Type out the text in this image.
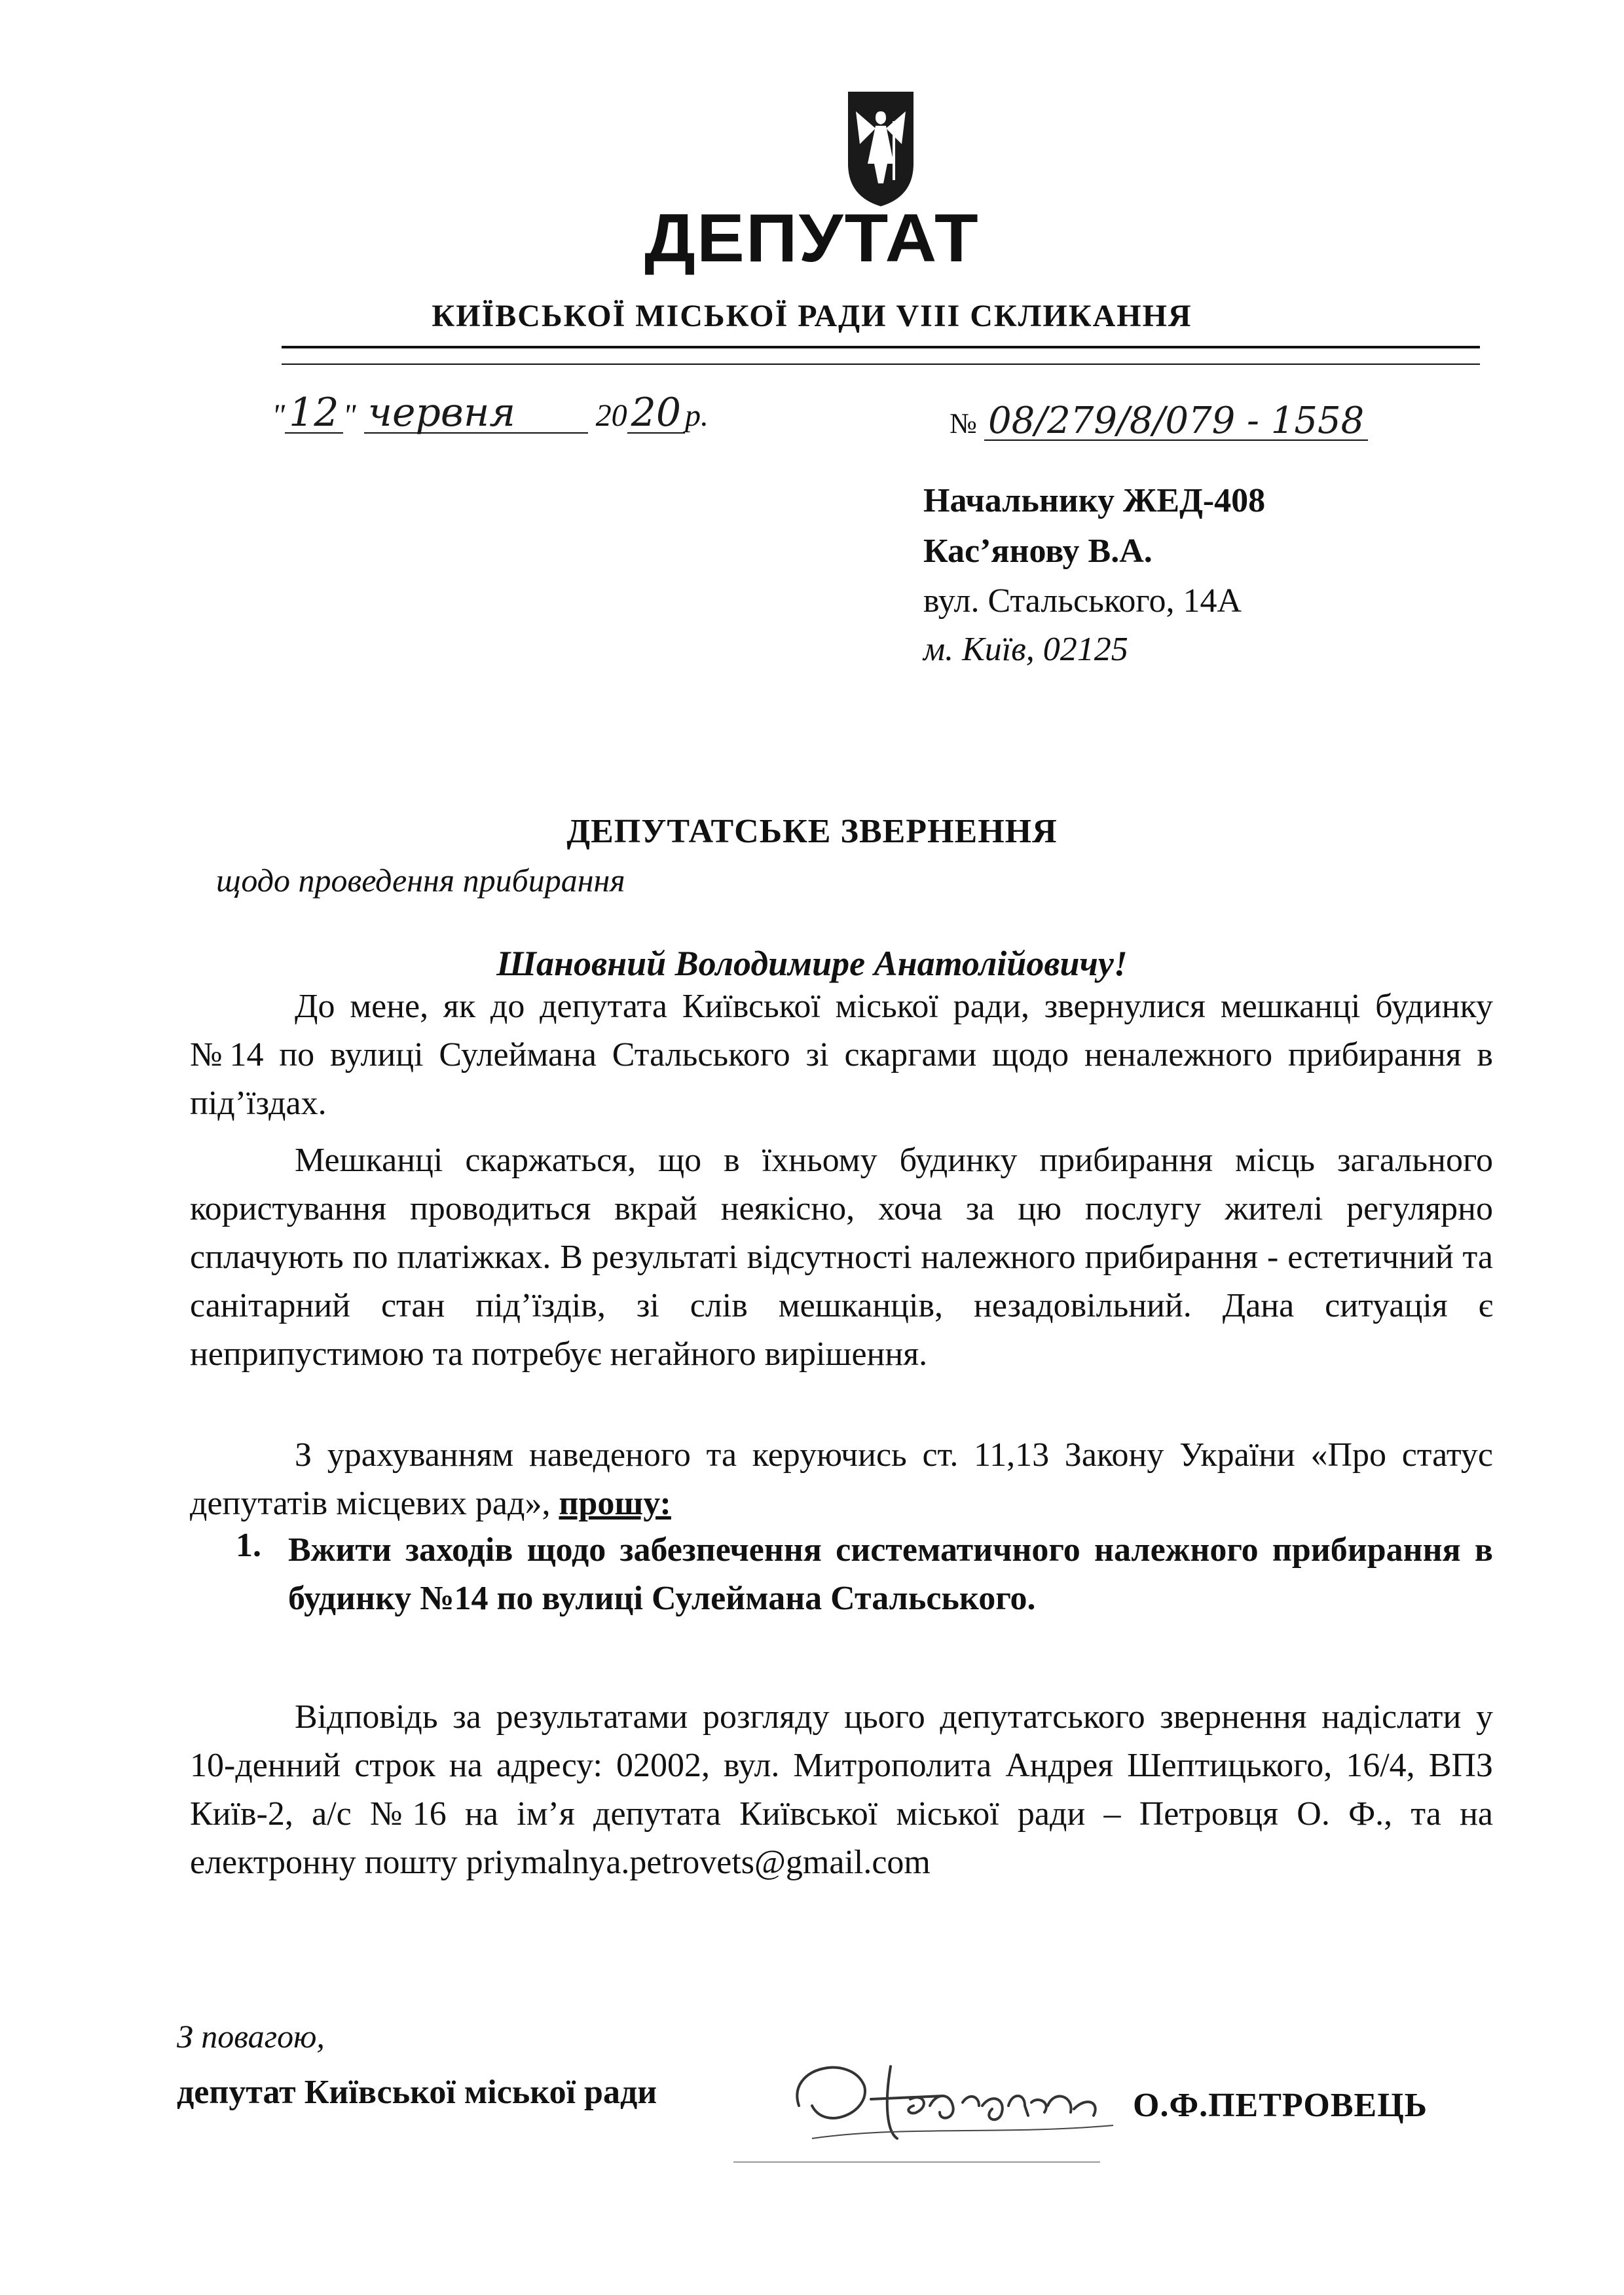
ДЕПУТАТ
КИЇВСЬКОЇ МІСЬКОЇ РАДИ VIII СКЛИКАННЯ
" 12 " червня	20 20 р.	№ 08/279/8/079 - 1558
Начальнику ЖЕД-408
Кас’янову В.А.
вул. Стальського, 14А
м. Київ, 02125
ДЕПУТАТСЬКЕ ЗВЕРНЕННЯ
щодо проведення прибирання
Шановний Володимире Анатолійовичу!
До мене, як до депутата Київської міської ради, звернулися мешканці будинку №14 по вулиці Сулеймана Стальського зі скаргами щодо неналежного прибирання в під’їздах.
Мешканці скаржаться, що в їхньому будинку прибирання місць загального користування проводиться вкрай неякісно, хоча за цю послугу жителі регулярно сплачують по платіжках. В результаті відсутності належного прибирання - естетичний та санітарний стан під’їздів, зі слів мешканців, незадовільний. Дана ситуація є неприпустимою та потребує негайного вирішення.
З урахуванням наведеного та керуючись ст. 11,13 Закону України «Про статус депутатів місцевих рад», прошу:
1. Вжити заходів щодо забезпечення систематичного належного прибирання в будинку №14 по вулиці Сулеймана Стальського.
Відповідь за результатами розгляду цього депутатського звернення надіслати у 10-денний строк на адресу: 02002, вул. Митрополита Андрея Шептицького, 16/4, ВПЗ Київ-2, а/с №16 на ім’я депутата Київської міської ради – Петровця О. Ф., та на електронну пошту priymalnya.petrovets@gmail.com
З повагою,
депутат Київської міської ради	О.Ф.ПЕТРОВЕЦЬ
